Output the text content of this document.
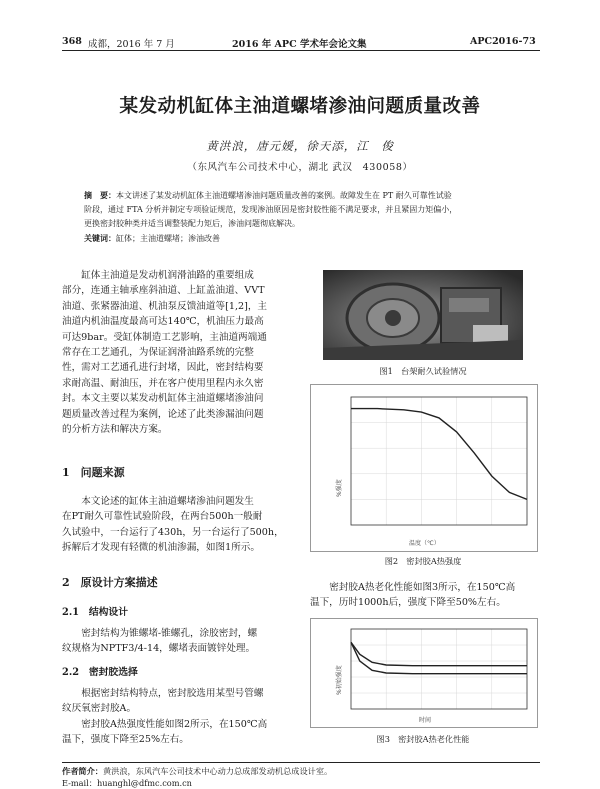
368 成都，2016 年 7 月	2016 年 APC 学术年会论文集	APC2016-73
某发动机缸体主油道螺堵渗油问题质量改善
黄洪浪，唐元媛，徐天添，江　俊
（东风汽车公司技术中心，湖北 武汉　430058）
摘　要：本文讲述了某发动机缸体主油道螺堵渗油问题质量改善的案例。故障发生在 PT 耐久可靠性试验
阶段，通过 FTA 分析并制定专项验证规范，发现渗油原因是密封胶性能不满足要求，并且紧固力矩偏小，
更换密封胶种类并适当调整装配力矩后，渗油问题彻底解决。
关键词：缸体；主油道螺堵；渗油改善
缸体主油道是发动机润滑油路的重要组成
部分，连通主轴承座斜油道、上缸盖油道、VVT
油道、张紧器油道、机油泵反馈油道等[1,2]，主
油道内机油温度最高可达140℃，机油压力最高
可达9bar。受缸体制造工艺影响，主油道两端通
常存在工艺通孔，为保证润滑油路系统的完整
性，需对工艺通孔进行封堵，因此，密封结构要
求耐高温、耐油压，并在客户使用里程内永久密
封。本文主要以某发动机缸体主油道螺堵渗油问
题质量改善过程为案例，论述了此类渗漏油问题
的分析方法和解决方案。
1　问题来源
本文论述的缸体主油道螺堵渗油问题发生
在PT耐久可靠性试验阶段，在两台500h一般耐
久试验中，一台运行了430h，另一台运行了500h，
拆解后才发现有轻微的机油渗漏，如图1所示。
2　原设计方案描述
2.1　结构设计
密封结构为锥螺堵-锥螺孔，涂胶密封，螺
纹规格为NPTF3/4-14，螺堵表面镀锌处理。
2.2　密封胶选择
根据密封结构特点，密封胶选用某型号管螺
纹厌氧密封胶A。
密封胶A热强度性能如图2所示，在150℃高
温下，强度下降至25%左右。
图1　台架耐久试验情况
%强度
温度（℃）
图2　密封胶A热强度
密封胶A热老化性能如图3所示，在150℃高
温下，历时1000h后，强度下降至50%左右。
%初始强度
时间
图3　密封胶A热老化性能
作者简介：黄洪浪，东风汽车公司技术中心动力总成部发动机总成设计室。
E-mail：huanghl@dfmc.com.cn
